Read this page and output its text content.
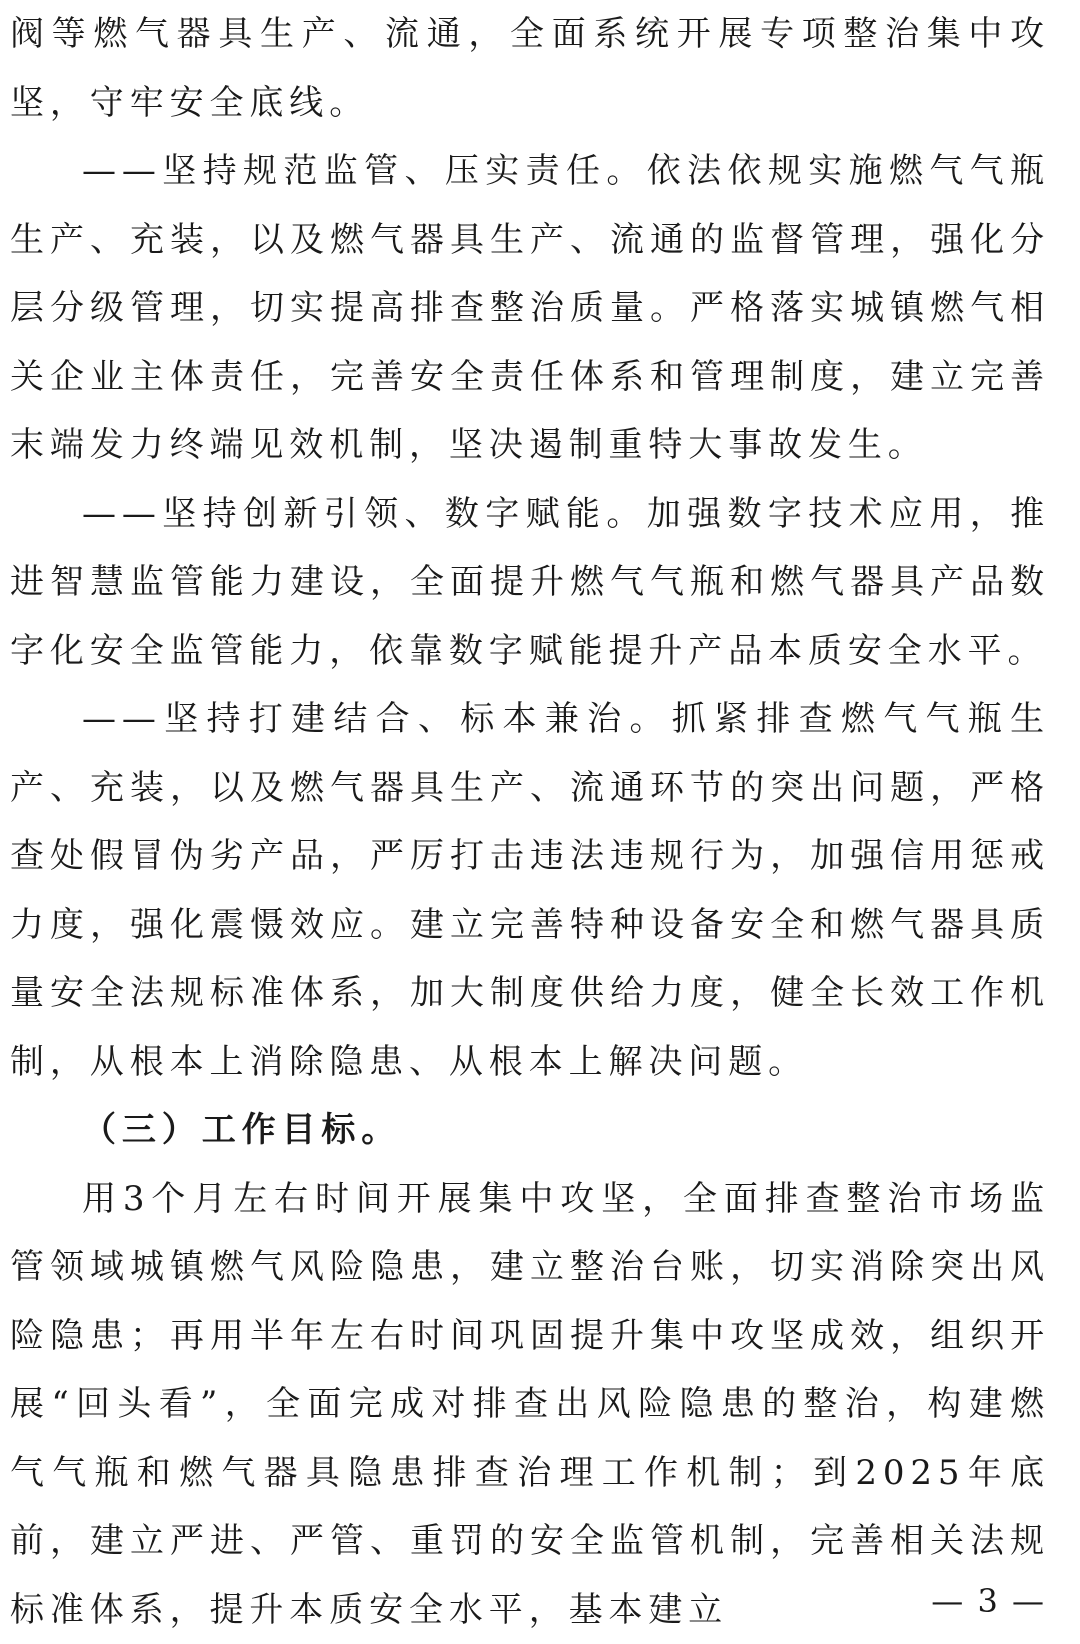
阀等燃气器具生产、流通，全面系统开展专项整治集中攻坚，守牢安全底线。

——坚持规范监管、压实责任。依法依规实施燃气气瓶生产、充装，以及燃气器具生产、流通的监督管理，强化分层分级管理，切实提高排查整治质量。严格落实城镇燃气相关企业主体责任，完善安全责任体系和管理制度，建立完善末端发力终端见效机制，坚决遏制重特大事故发生。

——坚持创新引领、数字赋能。加强数字技术应用，推进智慧监管能力建设，全面提升燃气气瓶和燃气器具产品数字化安全监管能力，依靠数字赋能提升产品本质安全水平。

——坚持打建结合、标本兼治。抓紧排查燃气气瓶生产、充装，以及燃气器具生产、流通环节的突出问题，严格查处假冒伪劣产品，严厉打击违法违规行为，加强信用惩戒力度，强化震慑效应。建立完善特种设备安全和燃气器具质量安全法规标准体系，加大制度供给力度，健全长效工作机制，从根本上消除隐患、从根本上解决问题。

（三）工作目标。

用3个月左右时间开展集中攻坚，全面排查整治市场监管领域城镇燃气风险隐患，建立整治台账，切实消除突出风险隐患；再用半年左右时间巩固提升集中攻坚成效，组织开展“回头看”，全面完成对排查出风险隐患的整治，构建燃气气瓶和燃气器具隐患排查治理工作机制；到2025年底前，建立严进、严管、重罚的安全监管机制，完善相关法规标准体系，提升本质安全水平，基本建立	— 3 —
